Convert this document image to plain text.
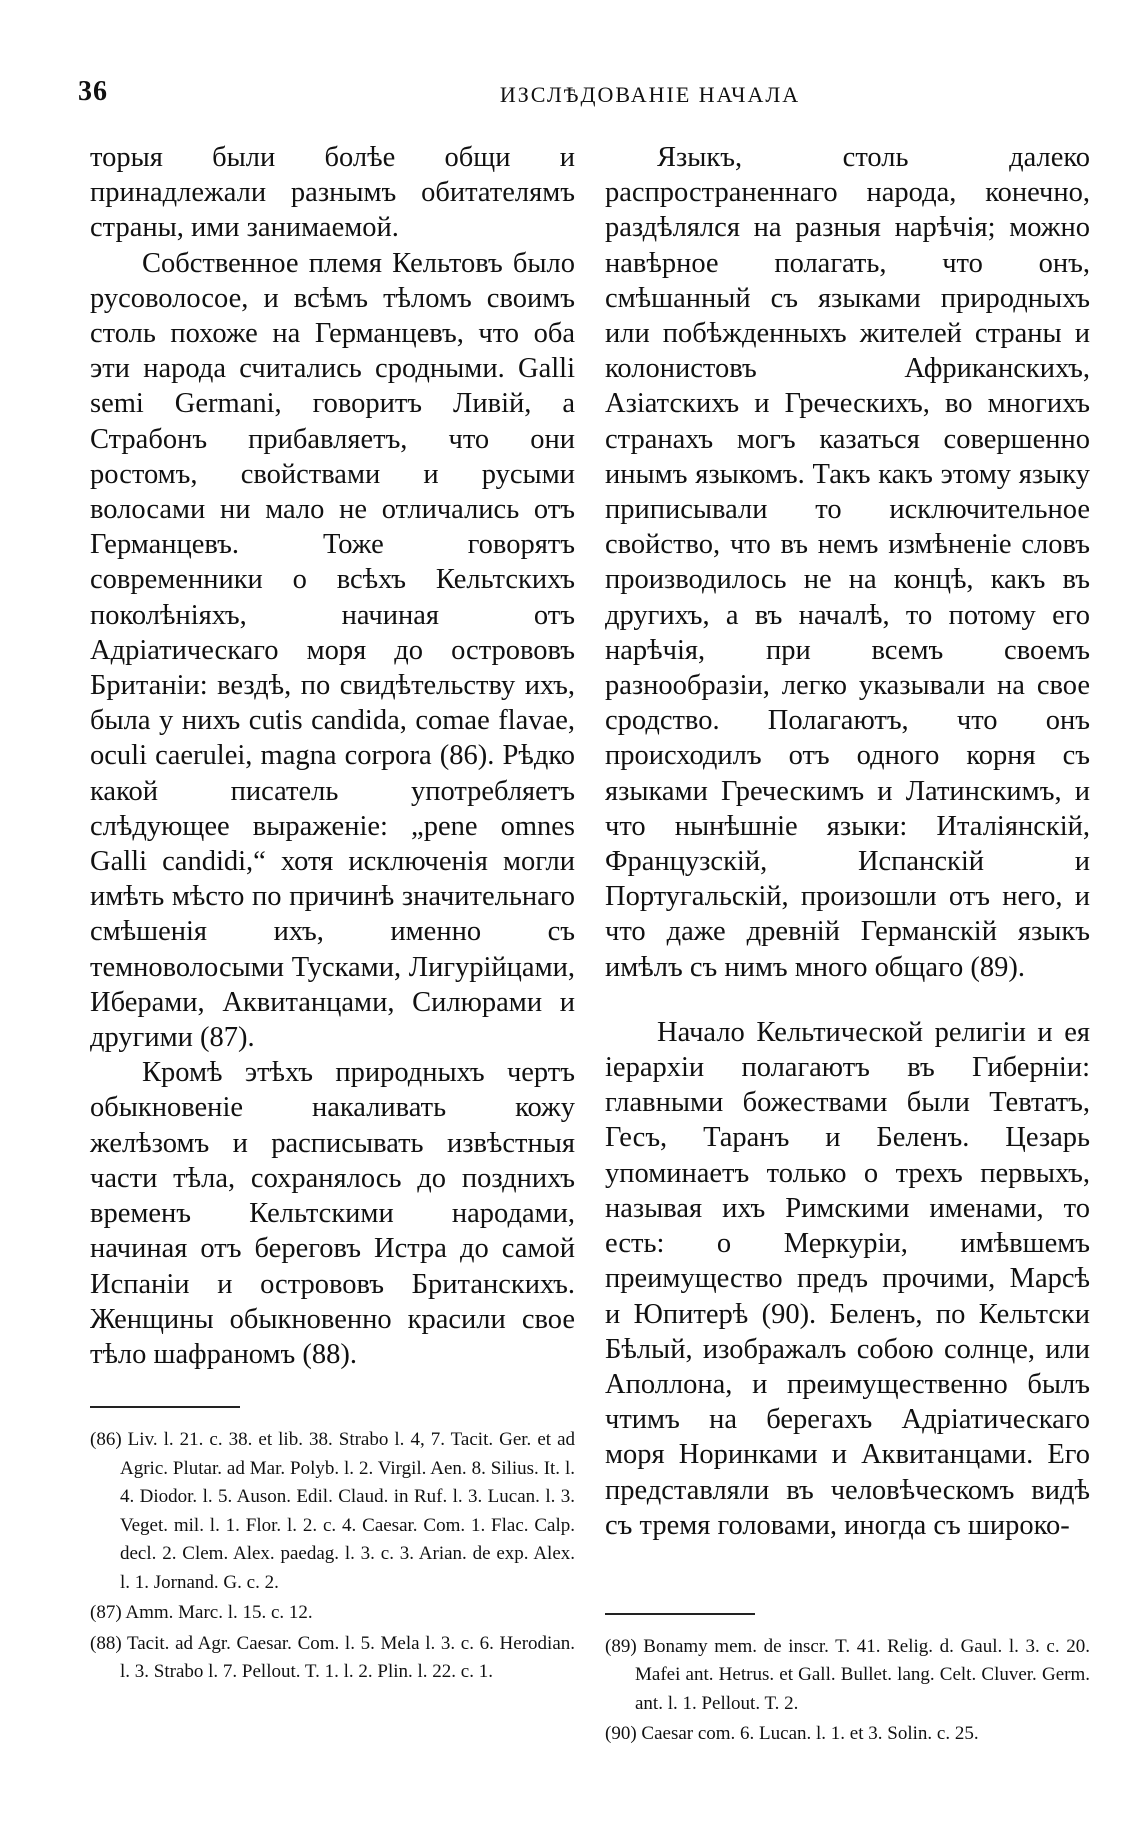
36	ИЗСЛѢДОВАНІЕ НАЧАЛА

торыя были болѣе общи и принадлежали разнымъ обитателямъ страны, ими занимаемой.

Собственное племя Кельтовъ было русоволосое, и всѣмъ тѣломъ своимъ столь похоже на Германцевъ, что оба эти народа считались сродными. Galli semi Germani, говоритъ Ливій, а Страбонъ прибавляетъ, что они ростомъ, свойствами и русыми волосами ни мало не отличались отъ Германцевъ. Тоже говорятъ современники о всѣхъ Кельтскихъ поколѣніяхъ, начиная отъ Адріатическаго моря до острововъ Британіи: вездѣ, по свидѣтельству ихъ, была у нихъ cutis candida, comae flavae, oculi caerulei, magna corpora (86). Рѣдко какой писатель употребляетъ слѣдующее выраженіе: „pene omnes Galli candidi,“ хотя исключенія могли имѣть мѣсто по причинѣ значительнаго смѣшенія ихъ, именно съ темноволосыми Тусками, Лигурійцами, Иберами, Аквитанцами, Силюрами и другими (87).

Кромѣ этѣхъ природныхъ чертъ обыкновеніе накаливать кожу желѣзомъ и расписывать извѣстныя части тѣла, сохранялось до позднихъ временъ Кельтскими народами, начиная отъ береговъ Истра до самой Испаніи и острововъ Британскихъ. Женщины обыкновенно красили свое тѣло шафраномъ (88).

(86) Liv. l. 21. c. 38. et lib. 38. Strabo l. 4, 7. Tacit. Ger. et ad Agric. Plutar. ad Mar. Polyb. l. 2. Virgil. Aen. 8. Silius. It. l. 4. Diodor. l. 5. Auson. Edil. Claud. in Ruf. l. 3. Lucan. l. 3. Veget. mil. l. 1. Flor. l. 2. c. 4. Caesar. Com. 1. Flac. Calp. decl. 2. Clem. Alex. paedag. l. 3. c. 3. Arian. de exp. Alex. l. 1. Jornand. G. c. 2.

(87) Amm. Marc. l. 15. c. 12.

(88) Tacit. ad Agr. Caesar. Com. l. 5. Mela l. 3. c. 6. Herodian. l. 3. Strabo l. 7. Pellout. T. 1. l. 2. Plin. l. 22. c. 1.

Языкъ, столь далеко распространеннаго народа, конечно, раздѣлялся на разныя нарѣчія; можно навѣрное полагать, что онъ, смѣшанный съ языками природныхъ или побѣжденныхъ жителей страны и колонистовъ Африканскихъ, Азіатскихъ и Греческихъ, во многихъ странахъ могъ казаться совершенно инымъ языкомъ. Такъ какъ этому языку приписывали то исключительное свойство, что въ немъ измѣненіе словъ производилось не на концѣ, какъ въ другихъ, а въ началѣ, то потому его нарѣчія, при всемъ своемъ разнообразіи, легко указывали на свое сродство. Полагаютъ, что онъ происходилъ отъ одного корня съ языками Греческимъ и Латинскимъ, и что нынѣшніе языки: Италіянскій, Французскій, Испанскій и Португальскій, произошли отъ него, и что даже древній Германскій языкъ имѣлъ съ нимъ много общаго (89).

Начало Кельтической религіи и ея іерархіи полагаютъ въ Гиберніи: главными божествами были Тевтатъ, Гесъ, Таранъ и Беленъ. Цезарь упоминаетъ только о трехъ первыхъ, называя ихъ Римскими именами, то есть: о Меркуріи, имѣвшемъ преимущество предъ прочими, Марсѣ и Юпитерѣ (90). Беленъ, по Кельтски Бѣлый, изображалъ собою солнце, или Аполлона, и преимущественно былъ чтимъ на берегахъ Адріатическаго моря Норинками и Аквитанцами. Его представляли въ человѣческомъ видѣ съ тремя головами, иногда съ широко-

(89) Bonamy mem. de inscr. T. 41. Relig. d. Gaul. l. 3. c. 20. Mafei ant. Hetrus. et Gall. Bullet. lang. Celt. Cluver. Germ. ant. l. 1. Pellout. T. 2.

(90) Caesar com. 6. Lucan. l. 1. et 3. Solin. c. 25.
